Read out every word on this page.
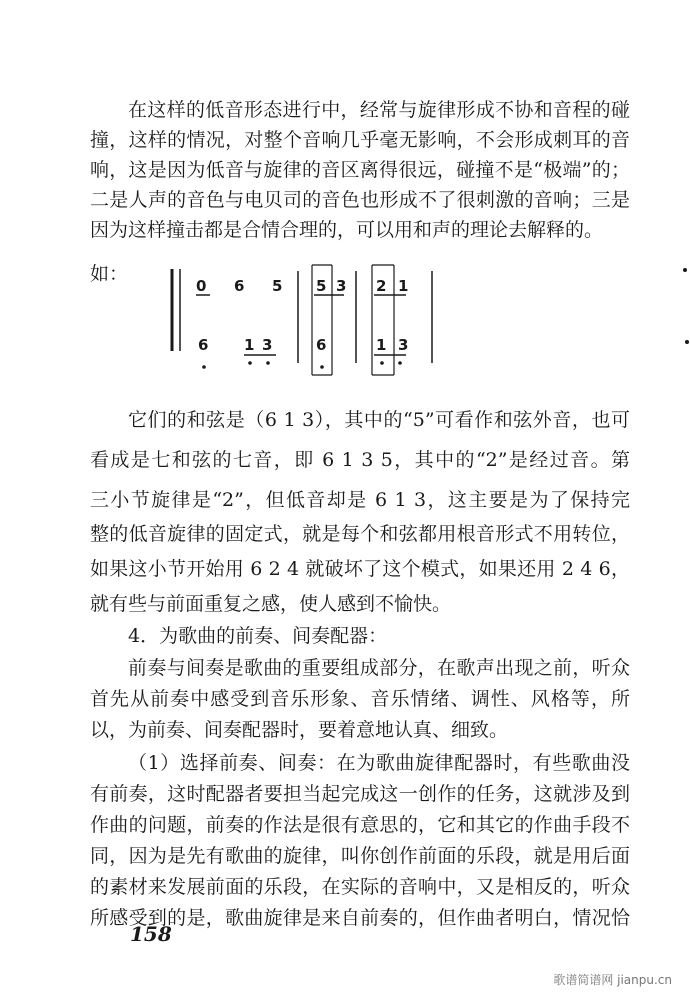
在这样的低音形态进行中，经常与旋律形成不协和音程的碰
撞，这样的情况，对整个音响几乎毫无影响，不会形成刺耳的音
响，这是因为低音与旋律的音区离得很远，碰撞不是“极端”的；
二是人声的音色与电贝司的音色也形成不了很刺激的音响；三是
因为这样撞击都是合情合理的，可以用和声的理论去解释的。
如：
0 6 5 5 3 2 1
6 1 3	6	1 3
它们的和弦是（6 1 3），其中的“5”可看作和弦外音，也可
看成是七和弦的七音，即 6 1 3 5，其中的“2”是经过音。第
三小节旋律是“2”，但低音却是 6 1 3，这主要是为了保持完
整的低音旋律的固定式，就是每个和弦都用根音形式不用转位，
如果这小节开始用 6 2 4 就破坏了这个模式，如果还用 2 4 6，
就有些与前面重复之感，使人感到不愉快。
4．为歌曲的前奏、间奏配器：
前奏与间奏是歌曲的重要组成部分，在歌声出现之前，听众
首先从前奏中感受到音乐形象、音乐情绪、调性、风格等，所
以，为前奏、间奏配器时，要着意地认真、细致。
（1）选择前奏、间奏：在为歌曲旋律配器时，有些歌曲没
有前奏，这时配器者要担当起完成这一创作的任务，这就涉及到
作曲的问题，前奏的作法是很有意思的，它和其它的作曲手段不
同，因为是先有歌曲的旋律，叫你创作前面的乐段，就是用后面
的素材来发展前面的乐段，在实际的音响中，又是相反的，听众
所感受到的是，歌曲旋律是来自前奏的，但作曲者明白，情况恰
158
歌谱简谱网 jianpu.cn
